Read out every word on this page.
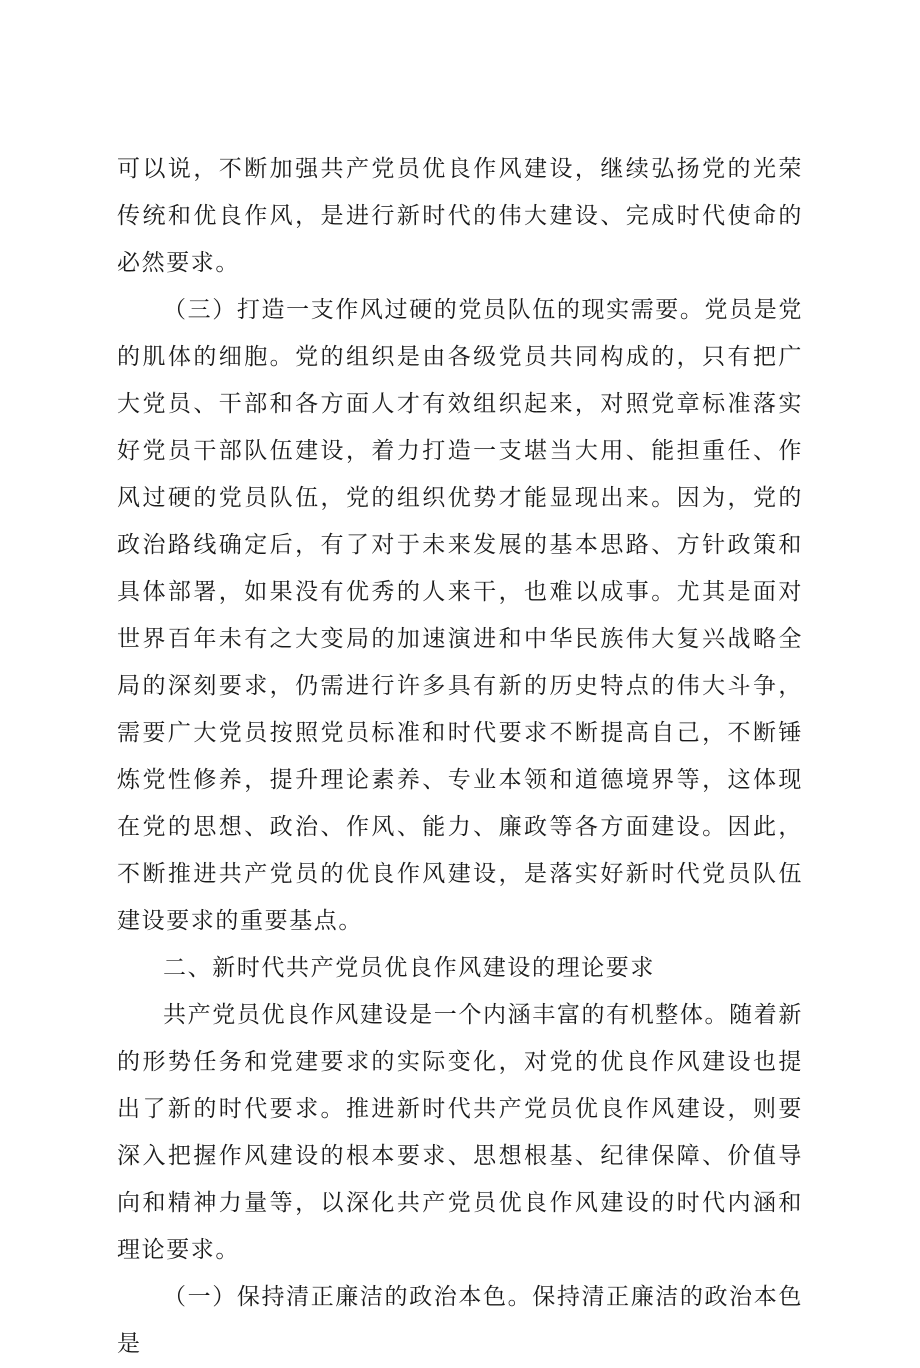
可以说，不断加强共产党员优良作风建设，继续弘扬党的光荣传统和优良作风，是进行新时代的伟大建设、完成时代使命的必然要求。

（三）打造一支作风过硬的党员队伍的现实需要。党员是党的肌体的细胞。党的组织是由各级党员共同构成的，只有把广大党员、干部和各方面人才有效组织起来，对照党章标准落实好党员干部队伍建设，着力打造一支堪当大用、能担重任、作风过硬的党员队伍，党的组织优势才能显现出来。因为，党的政治路线确定后，有了对于未来发展的基本思路、方针政策和具体部署，如果没有优秀的人来干，也难以成事。尤其是面对世界百年未有之大变局的加速演进和中华民族伟大复兴战略全局的深刻要求，仍需进行许多具有新的历史特点的伟大斗争，需要广大党员按照党员标准和时代要求不断提高自己，不断锤炼党性修养，提升理论素养、专业本领和道德境界等，这体现在党的思想、政治、作风、能力、廉政等各方面建设。因此，不断推进共产党员的优良作风建设，是落实好新时代党员队伍建设要求的重要基点。

二、新时代共产党员优良作风建设的理论要求

共产党员优良作风建设是一个内涵丰富的有机整体。随着新的形势任务和党建要求的实际变化，对党的优良作风建设也提出了新的时代要求。推进新时代共产党员优良作风建设，则要深入把握作风建设的根本要求、思想根基、纪律保障、价值导向和精神力量等，以深化共产党员优良作风建设的时代内涵和理论要求。

（一）保持清正廉洁的政治本色。保持清正廉洁的政治本色是
